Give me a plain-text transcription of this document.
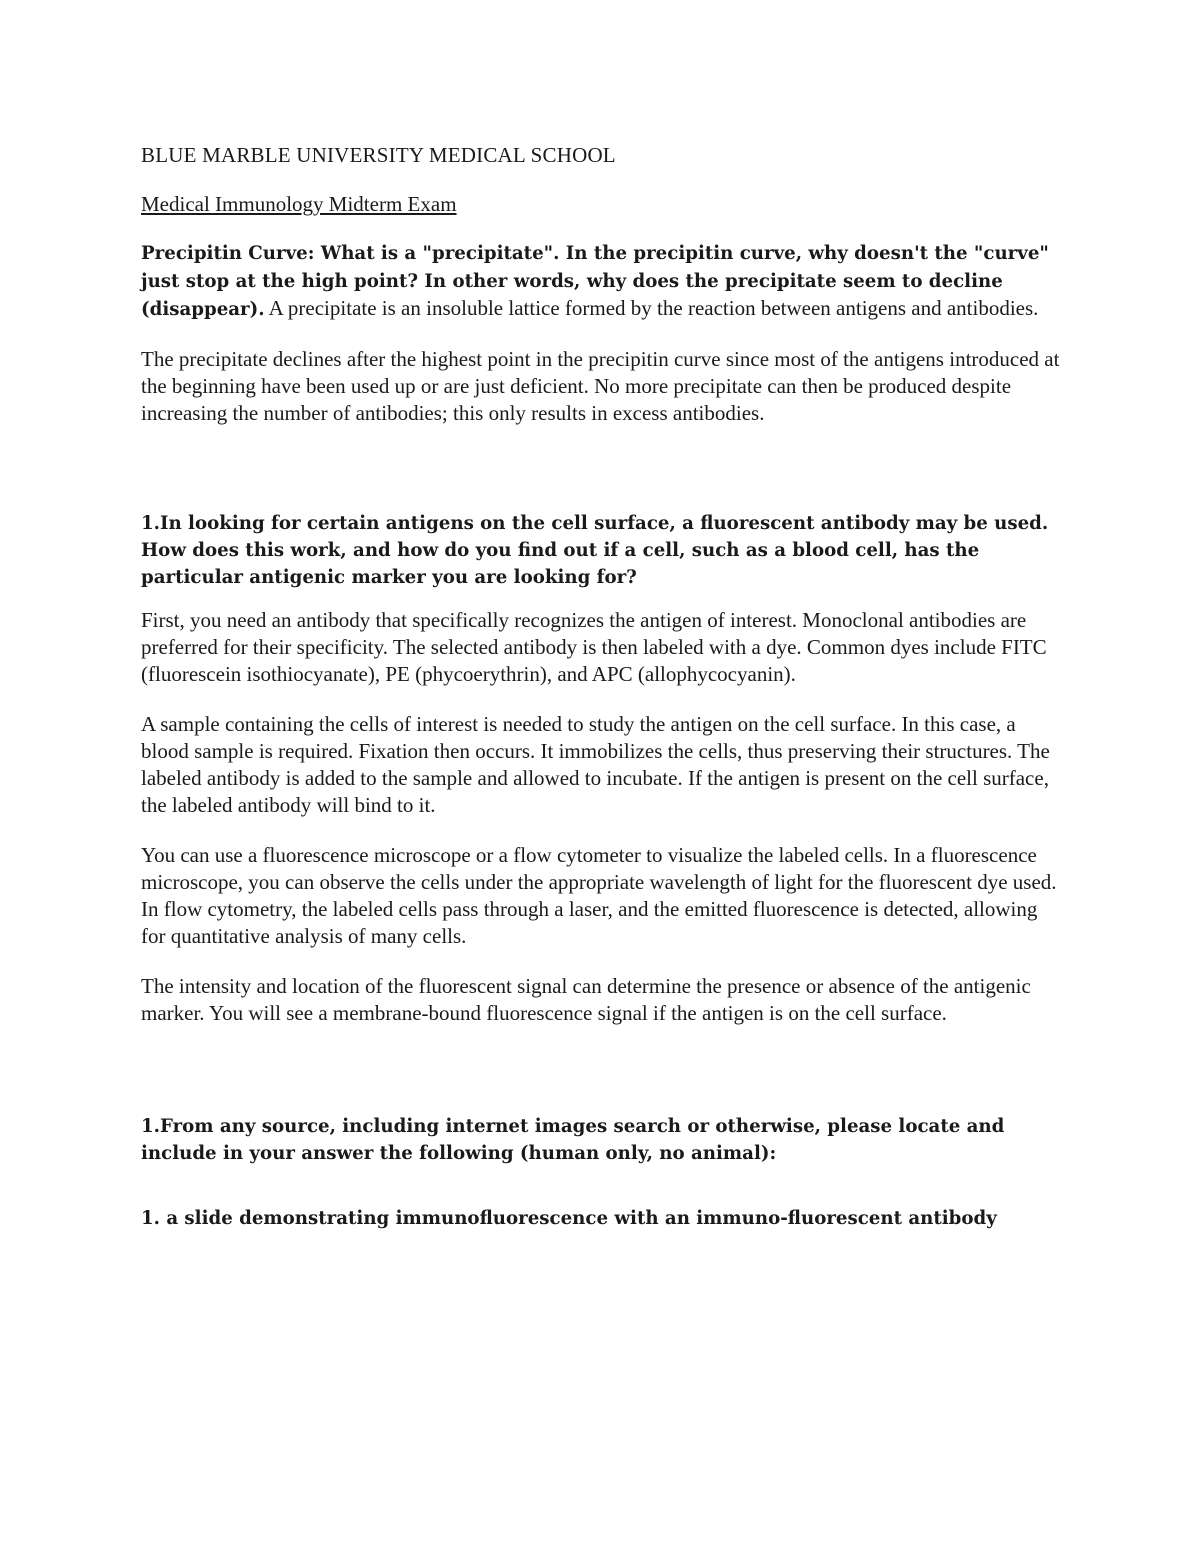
BLUE MARBLE UNIVERSITY MEDICAL SCHOOL

Medical Immunology Midterm Exam

Precipitin Curve: What is a "precipitate". In the precipitin curve, why doesn't the "curve" just stop at the high point? In other words, why does the precipitate seem to decline (disappear). A precipitate is an insoluble lattice formed by the reaction between antigens and antibodies.

The precipitate declines after the highest point in the precipitin curve since most of the antigens introduced at the beginning have been used up or are just deficient. No more precipitate can then be produced despite increasing the number of antibodies; this only results in excess antibodies.

1.In looking for certain antigens on the cell surface, a fluorescent antibody may be used. How does this work, and how do you find out if a cell, such as a blood cell, has the particular antigenic marker you are looking for?

First, you need an antibody that specifically recognizes the antigen of interest. Monoclonal antibodies are preferred for their specificity. The selected antibody is then labeled with a dye. Common dyes include FITC (fluorescein isothiocyanate), PE (phycoerythrin), and APC (allophycocyanin).

A sample containing the cells of interest is needed to study the antigen on the cell surface. In this case, a blood sample is required. Fixation then occurs. It immobilizes the cells, thus preserving their structures. The labeled antibody is added to the sample and allowed to incubate. If the antigen is present on the cell surface, the labeled antibody will bind to it.

You can use a fluorescence microscope or a flow cytometer to visualize the labeled cells. In a fluorescence microscope, you can observe the cells under the appropriate wavelength of light for the fluorescent dye used. In flow cytometry, the labeled cells pass through a laser, and the emitted fluorescence is detected, allowing for quantitative analysis of many cells.

The intensity and location of the fluorescent signal can determine the presence or absence of the antigenic marker. You will see a membrane-bound fluorescence signal if the antigen is on the cell surface.

1.From any source, including internet images search or otherwise, please locate and include in your answer the following (human only, no animal):

1. a slide demonstrating immunofluorescence with an immuno-fluorescent antibody
